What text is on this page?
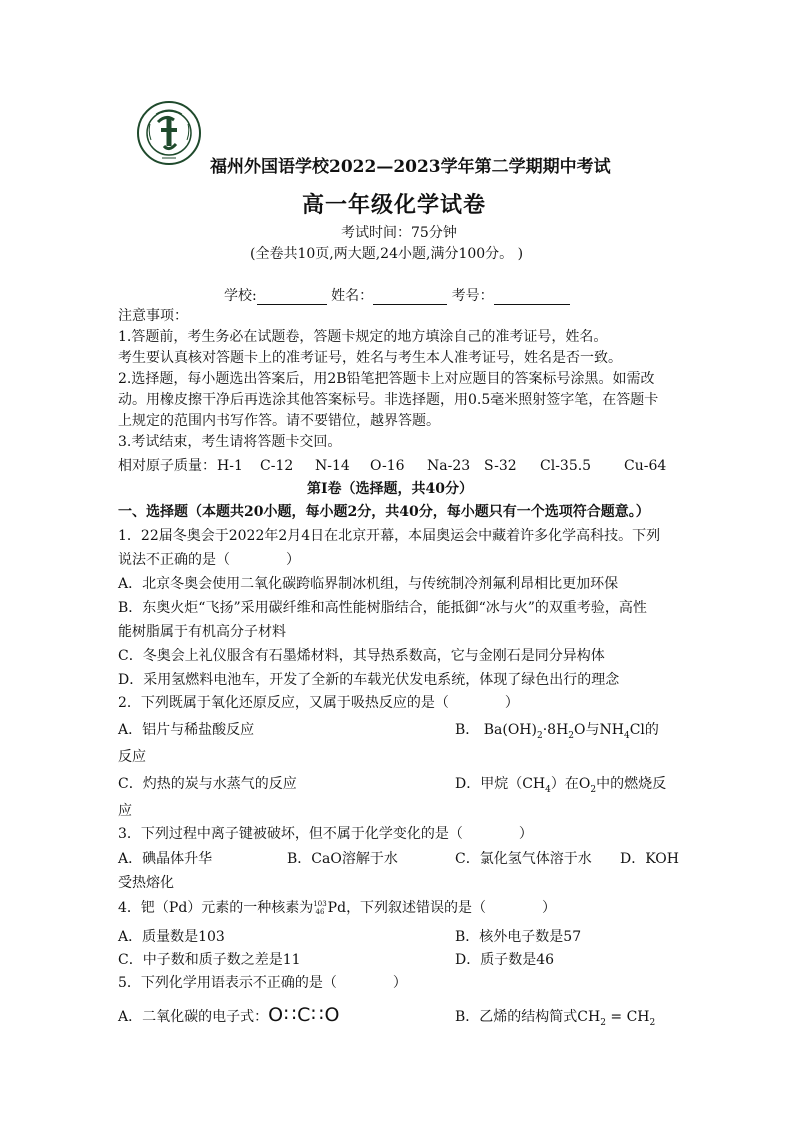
福州外国语学校2022—2023学年第二学期期中考试
高一年级化学试卷
考试时间：75分钟
(全卷共10页,两大题,24小题,满分100分。 )
学校:	姓名：	考号：
注意事项：
1.答题前，考生务必在试题卷，答题卡规定的地方填涂自己的准考证号，姓名。
考生要认真核对答题卡上的准考证号，姓名与考生本人准考证号，姓名是否一致。
2.选择题，每小题选出答案后，用2B铅笔把答题卡上对应题目的答案标号涂黑。如需改
动。用橡皮擦干净后再选涂其他答案标号。非选择题，用0.5毫米照射签字笔，在答题卡
上规定的范围内书写作答。请不要错位，越界答题。
3.考试结束，考生请将答题卡交回。
相对原子质量： H-1 C-12 N-14 O-16 Na-23 S-32 Cl-35.5 Cu-64
第Ⅰ卷（选择题，共40分）
一、选择题（本题共20小题，每小题2分，共40分，每小题只有一个选项符合题意。）
1．22届冬奥会于2022年2月4日在北京开幕，本届奥运会中藏着许多化学高科技。下列
说法不正确的是（　　　　）
A．北京冬奥会使用二氧化碳跨临界制冰机组，与传统制冷剂氟利昂相比更加环保
B．东奥火炬“飞扬”采用碳纤维和高性能树脂结合，能抵御“冰与火”的双重考验，高性
能树脂属于有机高分子材料
C．冬奥会上礼仪服含有石墨烯材料，其导热系数高，它与金刚石是同分异构体
D．采用氢燃料电池车，开发了全新的车载光伏发电系统，体现了绿色出行的理念
2．下列既属于氧化还原反应，又属于吸热反应的是（　　　　）
A．铝片与稀盐酸反应	B． $Ba(OH)_2\cdot 8H_2O$与$NH_4Cl$的
反应
C．灼热的炭与水蒸气的反应	D．甲烷$(CH_4)$在$O_2$中的燃烧反
应
3．下列过程中离子键被破坏，但不属于化学变化的是（　　　　）
A．碘晶体升华	B．CaO溶解于水	C．氯化氢气体溶于水 D．KOH
受热熔化
4．钯（Pd）元素的一种核素为103
46 Pd，下列叙述错误的是（　　　　）
A．质量数是103	B．核外电子数是57
C．中子数和质子数之差是11	D．质子数是46
5．下列化学用语表示不正确的是（　　　　）
A．二氧化碳的电子式：O∷C∷O	B．乙烯的结构简式$CH_2 = CH_2$
